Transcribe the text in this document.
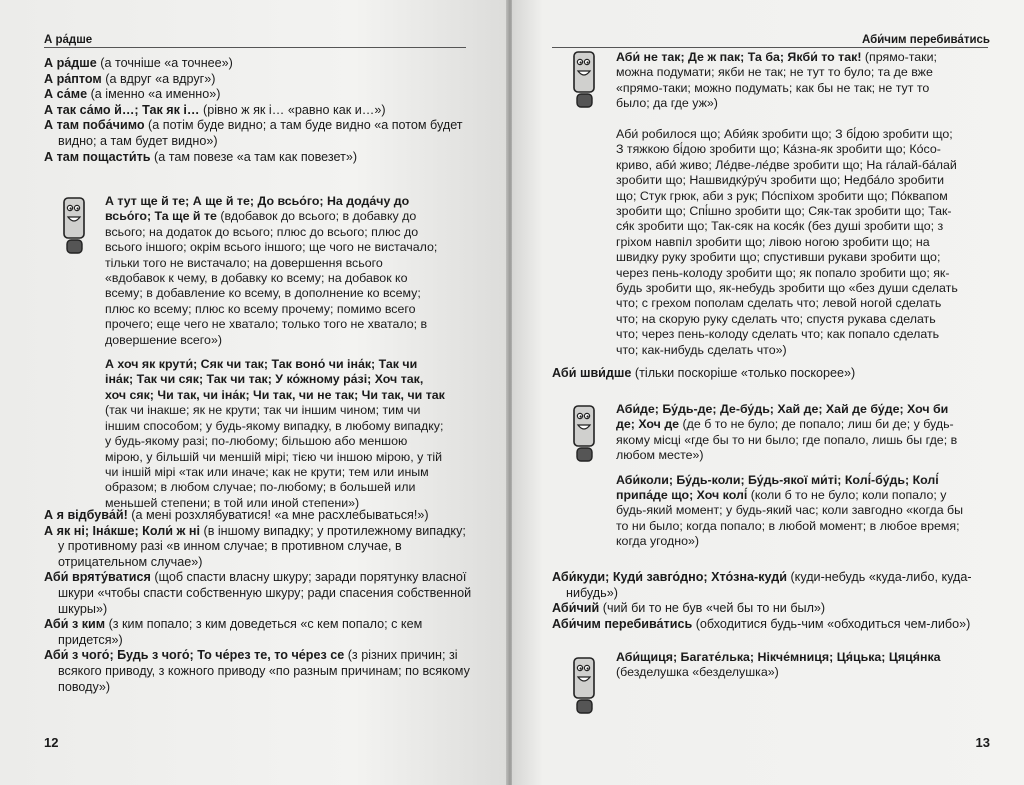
А ра́дше

А ра́дше (а точніше «а точнее»)

А ра́птом (а вдруг «а вдруг»)

А са́ме (а іменно «а именно»)

А так са́мо й…; Так як і… (рівно ж як і… «равно как и…»)

А там поба́чимо (а потім буде видно; а там буде видно «а потом будет видно; а там будет видно»)

А там пощасти́ть (а там повезе «а там как повезет»)

А тут ще й те; А ще й те; До всьо́го; На дода́чу до всьо́го; Та ще й те (вдобавок до всього; в добавку до всього; на додаток до всього; плюс до всього; плюс до всього іншого; окрім всього іншого; ще чого не вистачало; тільки того не вистачало; на довершення всього «вдобавок к чему, в добавку ко всему; на добавок ко всему; в добавление ко всему, в дополнение ко всему; плюс ко всему; плюс ко всему прочему; помимо всего прочего; еще чего не хватало; только того не хватало; в довершение всего»)

А хоч як крути́; Сяк чи так; Так воно́ чи іна́к; Так чи іна́к; Так чи сяк; Так чи так; У ко́жному ра́зі; Хоч так, хоч сяк; Чи так, чи іна́к; Чи так, чи не так; Чи так, чи так (так чи інакше; як не крути; так чи іншим чином; тим чи іншим способом; у будь-якому випадку, в любому випадку; у будь-якому разі; по-любому; більшою або меншою мірою, у більшій чи меншій мірі; тією чи іншою мірою, у тій чи іншій мірі «так или иначе; как не крути; тем или иным образом; в любом случае; по-любому; в большей или меньшей степени; в той или иной степени»)

А я відбува́й! (а мені розхлябуватися! «а мне расхлебываться!»)

А як ні; Іна́кше; Коли́ ж ні (в іншому випадку; у протилежному випадку; у противному разі «в инном случае; в противном случае, в отрицательном случае»)

Аби́ вряту́ватися (щоб спасти власну шкуру; заради порятунку власної шкури «чтобы спасти собственную шкуру; ради спасения собственной шкуры»)

Аби́ з ким (з ким попало; з ким доведеться «с кем попало; с кем придется»)

Аби́ з чого́; Будь з чого́; То че́рез те, то че́рез се (з різних причин; зі всякого приводу, з кожного приводу «по разным причинам; по всякому поводу»)

12
Аби́чим перебива́тись

Аби́ не так; Де ж пак; Та ба; Якби́ то так! (прямо-таки; можна подумати; якби не так; не тут то було; та де вже «прямо-таки; можно подумать; как бы не так; не тут то было; да где уж»)

Аби́ робилося що; Аби́як зробити що; З бі́дою зробити що; З тяжкою бі́дою зробити що; Ка́зна-як зробити що; Ко́со-криво, аби́ живо; Ле́две-ле́две зробити що; На га́лай-ба́лай зробити що; Нашвидку́ру́ч зробити що; Недба́ло зробити що; Стук грюк, аби з рук; По́спіхом зробити що; По́квапом зробити що; Спі́шно зробити що; Сяк-так зробити що; Так-ся́к зробити що; Так-сяк на кося́к (без душі зробити що; з гріхом навпіл зробити що; лівою ногою зробити що; на швидку руку зробити що; спустивши рукави зробити що; через пень-колоду зробити що; як попало зробити що; як-будь зробити що, як-небудь зробити що «без души сделать что; с грехом пополам сделать что; левой ногой сделать что; на скорую руку сделать что; спустя рукава сделать что; через пень-колоду сделать что; как попало сделать что; как-нибудь сделать что»)

Аби́ шви́дше (тільки поскоріше «только поскорее»)

Аби́де; Бу́дь-де; Де-бу́дь; Хай де; Хай де бу́де; Хоч би де; Хоч де (де б то не було; де попало; лиш би де; у будь-якому місці «где бы то ни было; где попало, лишь бы где; в любом месте»)

Аби́коли; Бу́дь-коли; Бу́дь-якої ми́ті; Колі́-бу́дь; Колі́ припа́де що; Хоч колі́ (коли б то не було; коли попало; у будь-який момент; у будь-який час; коли завгодно «когда бы то ни было; когда попало; в любой момент; в любое время; когда угодно»)

Аби́куди; Куди́ завго́дно; Хто́зна-куди́ (куди-небудь «куда-либо, куда-нибудь»)

Аби́чий (чий би то не був «чей бы то ни был»)

Аби́чим перебива́тись (обходитися будь-чим «обходиться чем-либо»)

Аби́щиця; Багате́лька; Нікче́мниця; Ця́цька; Цяця́нка (безделушка «безделушка»)

13
